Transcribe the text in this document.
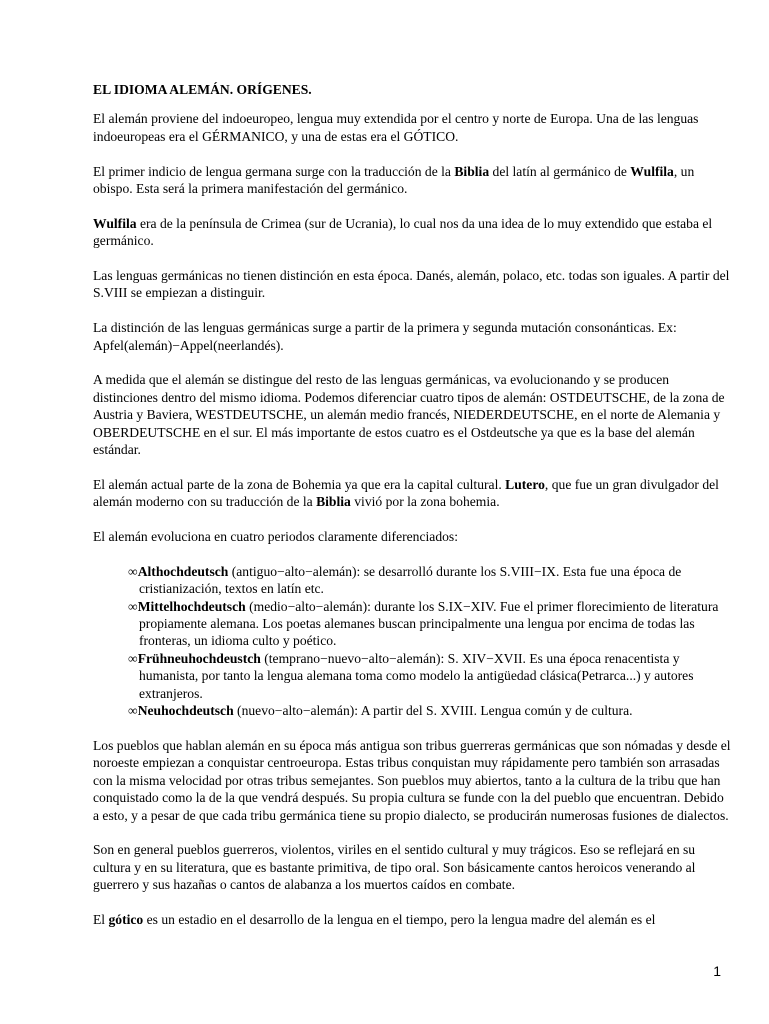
EL IDIOMA ALEMÁN. ORÍGENES.

El alemán proviene del indoeuropeo, lengua muy extendida por el centro y norte de Europa. Una de las lenguas indoeuropeas era el GÉRMANICO, y una de estas era el GÓTICO.

El primer indicio de lengua germana surge con la traducción de la Biblia del latín al germánico de Wulfila, un obispo. Esta será la primera manifestación del germánico.

Wulfila era de la península de Crimea (sur de Ucrania), lo cual nos da una idea de lo muy extendido que estaba el germánico.

Las lenguas germánicas no tienen distinción en esta época. Danés, alemán, polaco, etc. todas son iguales. A partir del S.VIII se empiezan a distinguir.

La distinción de las lenguas germánicas surge a partir de la primera y segunda mutación consonánticas. Ex: Apfel(alemán)−Appel(neerlandés).

A medida que el alemán se distingue del resto de las lenguas germánicas, va evolucionando y se producen distinciones dentro del mismo idioma. Podemos diferenciar cuatro tipos de alemán: OSTDEUTSCHE, de la zona de Austria y Baviera, WESTDEUTSCHE, un alemán medio francés, NIEDERDEUTSCHE, en el norte de Alemania y OBERDEUTSCHE en el sur. El más importante de estos cuatro es el Ostdeutsche ya que es la base del alemán estándar.

El alemán actual parte de la zona de Bohemia ya que era la capital cultural. Lutero, que fue un gran divulgador del alemán moderno con su traducción de la Biblia vivió por la zona bohemia.

El alemán evoluciona en cuatro periodos claramente diferenciados:

∞Althochdeutsch (antiguo−alto−alemán): se desarrolló durante los S.VIII−IX. Esta fue una época de cristianización, textos en latín etc.
∞Mittelhochdeutsch (medio−alto−alemán): durante los S.IX−XIV. Fue el primer florecimiento de literatura propiamente alemana. Los poetas alemanes buscan principalmente una lengua por encima de todas las fronteras, un idioma culto y poético.
∞Frühneuhochdeustch (temprano−nuevo−alto−alemán): S. XIV−XVII. Es una época renacentista y humanista, por tanto la lengua alemana toma como modelo la antigüedad clásica(Petrarca...) y autores extranjeros.
∞Neuhochdeutsch (nuevo−alto−alemán): A partir del S. XVIII. Lengua común y de cultura.

Los pueblos que hablan alemán en su época más antigua son tribus guerreras germánicas que son nómadas y desde el noroeste empiezan a conquistar centroeuropa. Estas tribus conquistan muy rápidamente pero también son arrasadas con la misma velocidad por otras tribus semejantes. Son pueblos muy abiertos, tanto a la cultura de la tribu que han conquistado como la de la que vendrá después. Su propia cultura se funde con la del pueblo que encuentran. Debido a esto, y a pesar de que cada tribu germánica tiene su propio dialecto, se producirán numerosas fusiones de dialectos.

Son en general pueblos guerreros, violentos, viriles en el sentido cultural y muy trágicos. Eso se reflejará en su cultura y en su literatura, que es bastante primitiva, de tipo oral. Son básicamente cantos heroicos venerando al guerrero y sus hazañas o cantos de alabanza a los muertos caídos en combate.

El gótico es un estadio en el desarrollo de la lengua en el tiempo, pero la lengua madre del alemán es el

1
